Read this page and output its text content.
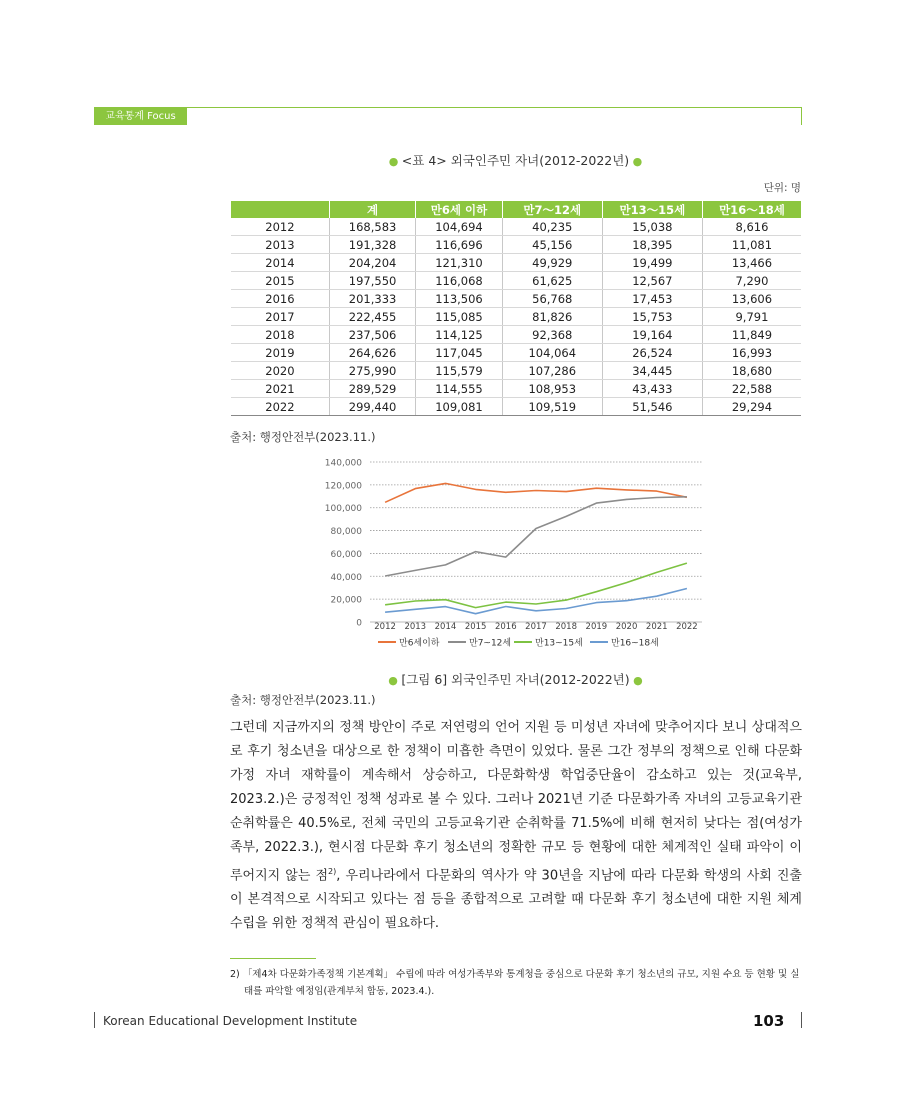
교육통계 Focus
● <표 4> 외국인주민 자녀(2012-2022년) ●
단위: 명
	계	만6세 이하	만7～12세	만13～15세	만16～18세
2012	168,583	104,694	40,235	15,038	8,616
2013	191,328	116,696	45,156	18,395	11,081
2014	204,204	121,310	49,929	19,499	13,466
2015	197,550	116,068	61,625	12,567	7,290
2016	201,333	113,506	56,768	17,453	13,606
2017	222,455	115,085	81,826	15,753	9,791
2018	237,506	114,125	92,368	19,164	11,849
2019	264,626	117,045	104,064	26,524	16,993
2020	275,990	115,579	107,286	34,445	18,680
2021	289,529	114,555	108,953	43,433	22,588
2022	299,440	109,081	109,519	51,546	29,294
출처: 행정안전부(2023.11.)
0
20,000
40,000
60,000
80,000
100,000
120,000
140,000
2012 2013 2014 2015 2016 2017 2018 2019 2020 2021 2022
만6세이하	만7~12세	만13~15세	만16~18세
● [그림 6] 외국인주민 자녀(2012-2022년) ●
출처: 행정안전부(2023.11.)
그런데 지금까지의 정책 방안이 주로 저연령의 언어 지원 등 미성년 자녀에 맞추어지다 보니 상대적으로 후기 청소년을 대상으로 한 정책이 미흡한 측면이 있었다. 물론 그간 정부의 정책으로 인해 다문화가정 자녀 재학률이 계속해서 상승하고, 다문화학생 학업중단율이 감소하고 있는 것(교육부, 2023.2.)은 긍정적인 정책 성과로 볼 수 있다. 그러나 2021년 기준 다문화가족 자녀의 고등교육기관 순취학률은 40.5%로, 전체 국민의 고등교육기관 순취학률 71.5%에 비해 현저히 낮다는 점(여성가족부, 2022.3.), 현시점 다문화 후기 청소년의 정확한 규모 등 현황에 대한 체계적인 실태 파악이 이루어지지 않는 점$^{2)}$, 우리나라에서 다문화의 역사가 약 30년을 지남에 따라 다문화 학생의 사회 진출이 본격적으로 시작되고 있다는 점 등을 종합적으로 고려할 때 다문화 후기 청소년에 대한 지원 체계 수립을 위한 정책적 관심이 필요하다.
2) 「제4차 다문화가족정책 기본계획」 수립에 따라 여성가족부와 통계청을 중심으로 다문화 후기 청소년의 규모, 지원 수요 등 현황 및 실태를 파악할 예정임(관계부처 합동, 2023.4.).
Korean Educational Development Institute	103
